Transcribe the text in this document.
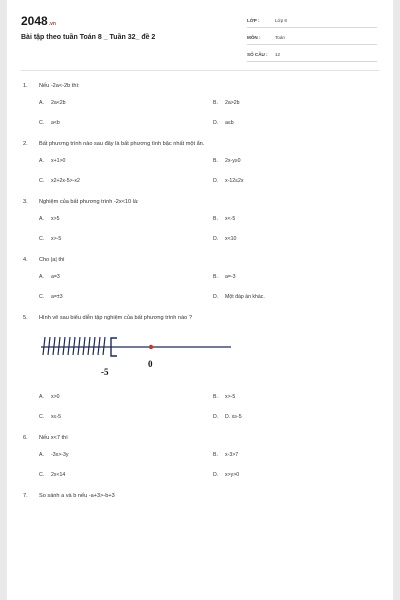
2048.vn
Bài tập theo tuần Toán 8 _ Tuần 32_ đề 2
LỚP :	Lớp 8
MÔN :	Toán
SỐ CÂU :	12
1.	Nếu -2a<-2b thì:
A.	2a<2b	B.	2a>2b
C.	a<b	D.	a≤b
2.	Bất phương trình nào sau đây là bất phương tình bậc nhất một ẩn.
A.	x+1>0	B.	2x-y≥0
C.	x2+2x-5>-x2	D.	x-12≤2x
3.	Nghiệm của bất phương trình -2x<10 là:
A.	x>5	B.	x<-5
C.	x>-5	D.	x<10
4.	Cho |a| thì
A.	a=3	B.	a=-3
C.	a=±3	D.	Một đáp án khác.
5.	Hình vẽ sau biểu diễn tập nghiệm của bất phương trình nào ?
-5
0
A.	x>0	B.	x>-5
C.	x≤-5	D.	D. x≥-5
6.	Nếu x<7 thì
A.	-3x>-3y	B.	x-3>7
C.	2x<14	D.	x>y>0
7.	So sánh a và b nếu -a+3>-b+3
